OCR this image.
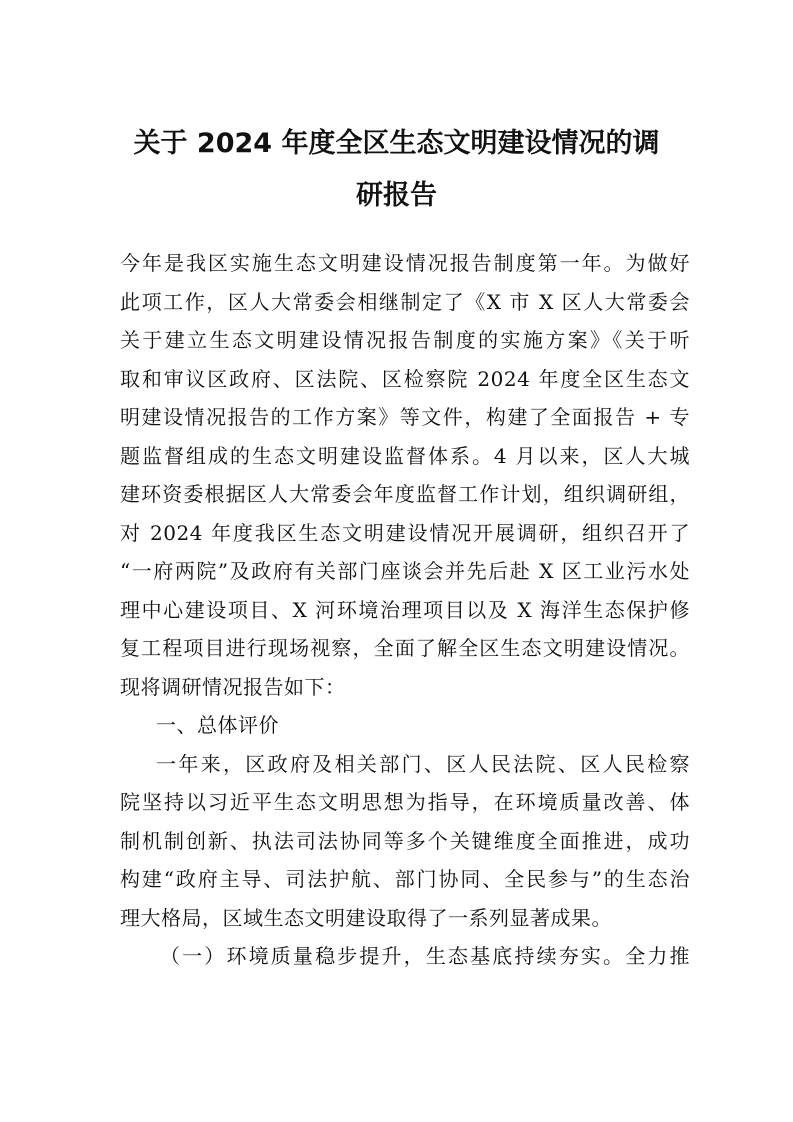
关于 2024 年度全区生态文明建设情况的调
研报告
今年是我区实施生态文明建设情况报告制度第一年。为做好
此项工作，区人大常委会相继制定了《X 市 X 区人大常委会
关于建立生态文明建设情况报告制度的实施方案》《关于听
取和审议区政府、区法院、区检察院 2024 年度全区生态文
明建设情况报告的工作方案》等文件，构建了全面报告 + 专
题监督组成的生态文明建设监督体系。4 月以来，区人大城
建环资委根据区人大常委会年度监督工作计划，组织调研组，
对 2024 年度我区生态文明建设情况开展调研，组织召开了
“一府两院”及政府有关部门座谈会并先后赴 X 区工业污水处
理中心建设项目、X 河环境治理项目以及 X 海洋生态保护修
复工程项目进行现场视察，全面了解全区生态文明建设情况。
现将调研情况报告如下：
一、总体评价
一年来，区政府及相关部门、区人民法院、区人民检察
院坚持以习近平生态文明思想为指导，在环境质量改善、体
制机制创新、执法司法协同等多个关键维度全面推进，成功
构建“政府主导、司法护航、部门协同、全民参与”的生态治
理大格局，区域生态文明建设取得了一系列显著成果。
（一）环境质量稳步提升，生态基底持续夯实。全力推
